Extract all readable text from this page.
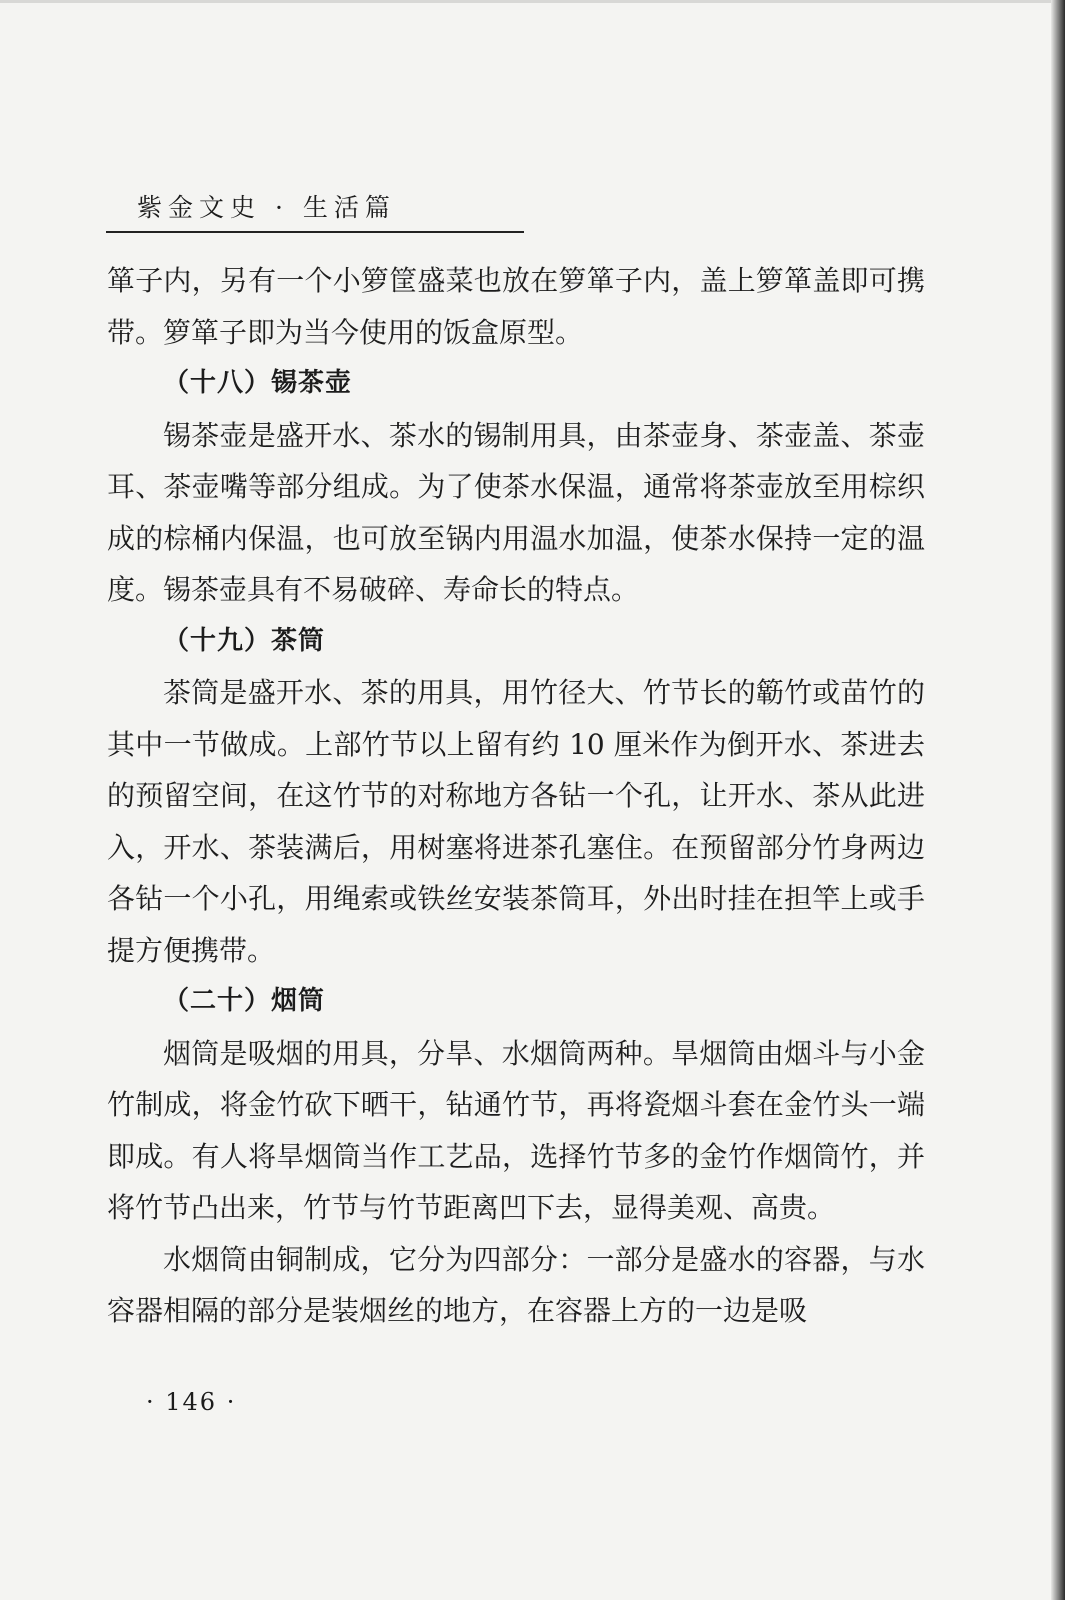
紫金文史 · 生活篇

箪子内，另有一个小箩筐盛菜也放在箩箪子内，盖上箩箪盖即可携带。箩箪子即为当今使用的饭盒原型。

（十八）锡茶壶

锡茶壶是盛开水、茶水的锡制用具，由茶壶身、茶壶盖、茶壶耳、茶壶嘴等部分组成。为了使茶水保温，通常将茶壶放至用棕织成的棕桶内保温，也可放至锅内用温水加温，使茶水保持一定的温度。锡茶壶具有不易破碎、寿命长的特点。

（十九）茶筒

茶筒是盛开水、茶的用具，用竹径大、竹节长的簕竹或苗竹的其中一节做成。上部竹节以上留有约 10 厘米作为倒开水、茶进去的预留空间，在这竹节的对称地方各钻一个孔，让开水、茶从此进入，开水、茶装满后，用树塞将进茶孔塞住。在预留部分竹身两边各钻一个小孔，用绳索或铁丝安装茶筒耳，外出时挂在担竿上或手提方便携带。

（二十）烟筒

烟筒是吸烟的用具，分旱、水烟筒两种。旱烟筒由烟斗与小金竹制成，将金竹砍下晒干，钻通竹节，再将瓷烟斗套在金竹头一端即成。有人将旱烟筒当作工艺品，选择竹节多的金竹作烟筒竹，并将竹节凸出来，竹节与竹节距离凹下去，显得美观、高贵。

水烟筒由铜制成，它分为四部分：一部分是盛水的容器，与水容器相隔的部分是装烟丝的地方，在容器上方的一边是吸

· 146 ·
